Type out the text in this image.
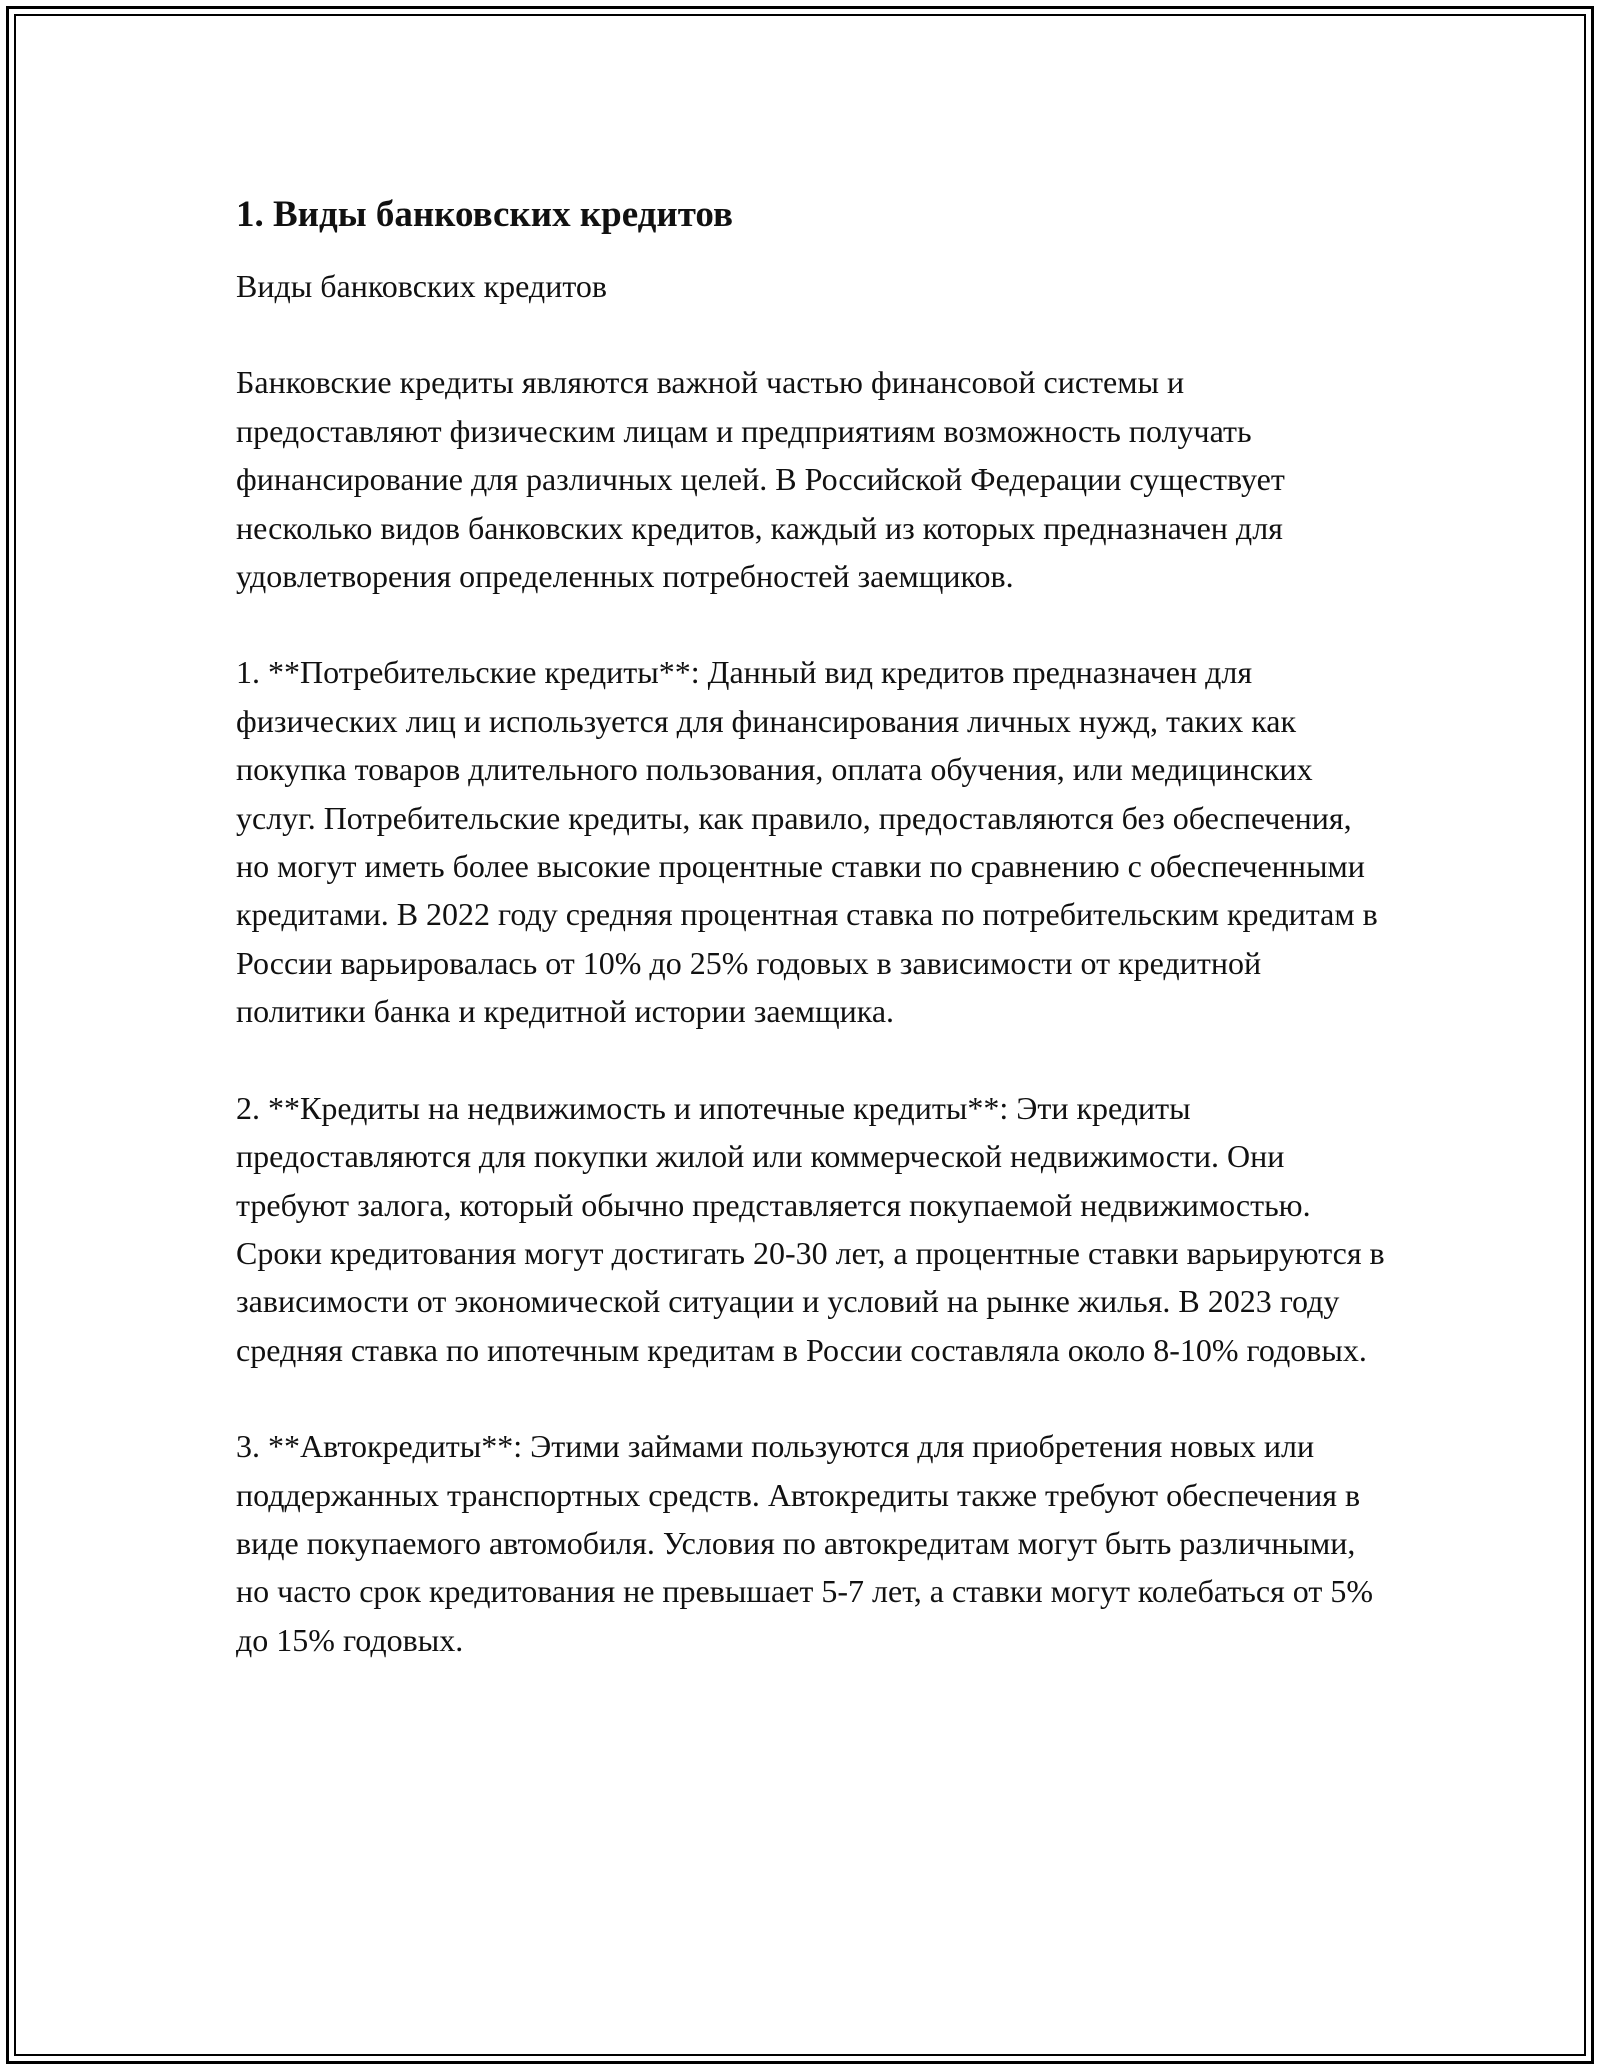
1. Виды банковских кредитов

Виды банковских кредитов

Банковские кредиты являются важной частью финансовой системы и предоставляют физическим лицам и предприятиям возможность получать финансирование для различных целей. В Российской Федерации существует несколько видов банковских кредитов, каждый из которых предназначен для удовлетворения определенных потребностей заемщиков.

1. **Потребительские кредиты**: Данный вид кредитов предназначен для физических лиц и используется для финансирования личных нужд, таких как покупка товаров длительного пользования, оплата обучения, или медицинских услуг. Потребительские кредиты, как правило, предоставляются без обеспечения, но могут иметь более высокие процентные ставки по сравнению с обеспеченными кредитами. В 2022 году средняя процентная ставка по потребительским кредитам в России варьировалась от 10% до 25% годовых в зависимости от кредитной политики банка и кредитной истории заемщика.

2. **Кредиты на недвижимость и ипотечные кредиты**: Эти кредиты предоставляются для покупки жилой или коммерческой недвижимости. Они требуют залога, который обычно представляется покупаемой недвижимостью. Сроки кредитования могут достигать 20-30 лет, а процентные ставки варьируются в зависимости от экономической ситуации и условий на рынке жилья. В 2023 году средняя ставка по ипотечным кредитам в России составляла около 8-10% годовых.

3. **Автокредиты**: Этими займами пользуются для приобретения новых или поддержанных транспортных средств. Автокредиты также требуют обеспечения в виде покупаемого автомобиля. Условия по автокредитам могут быть различными, но часто срок кредитования не превышает 5-7 лет, а ставки могут колебаться от 5% до 15% годовых.
